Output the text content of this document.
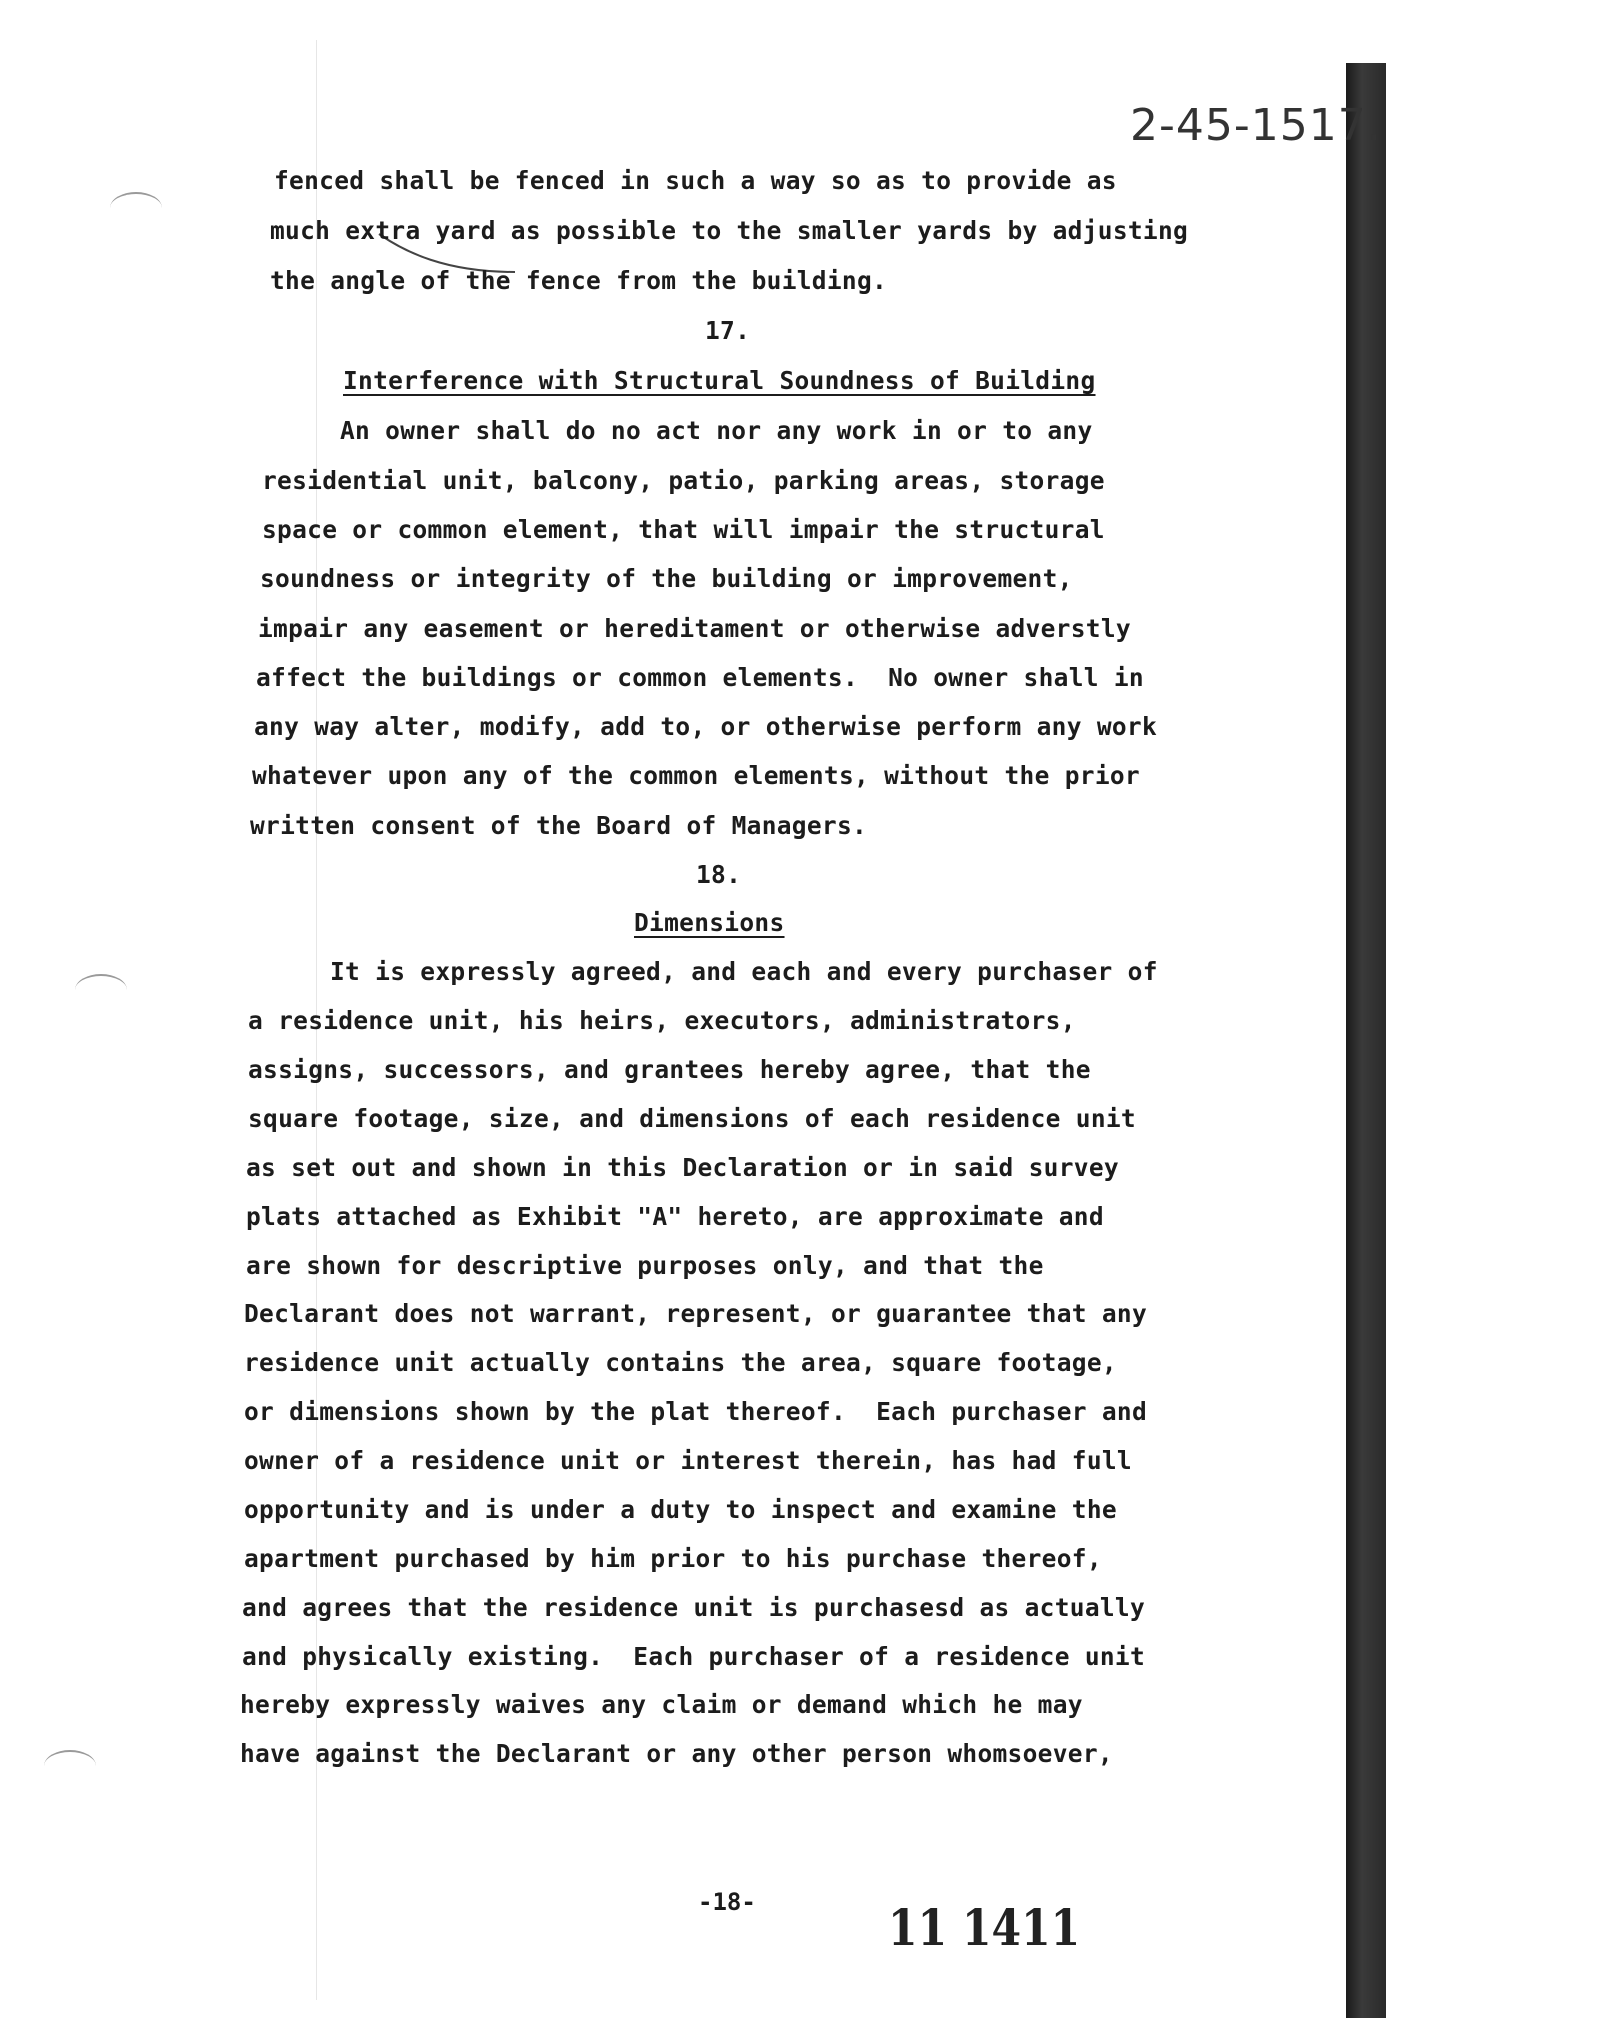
2-45-1517.

fenced shall be fenced in such a way so as to provide as

much extra yard as possible to the smaller yards by adjusting

the angle of the fence from the building.

17.

Interference with Structural Soundness of Building

An owner shall do no act nor any work in or to any

residential unit, balcony, patio, parking areas, storage

space or common element, that will impair the structural

soundness or integrity of the building or improvement,

impair any easement or hereditament or otherwise adverstly

affect the buildings or common elements.  No owner shall in

any way alter, modify, add to, or otherwise perform any work

whatever upon any of the common elements, without the prior

written consent of the Board of Managers.

18.

Dimensions

It is expressly agreed, and each and every purchaser of

a residence unit, his heirs, executors, administrators,

assigns, successors, and grantees hereby agree, that the

square footage, size, and dimensions of each residence unit

as set out and shown in this Declaration or in said survey

plats attached as Exhibit "A" hereto, are approximate and

are shown for descriptive purposes only, and that the

Declarant does not warrant, represent, or guarantee that any

residence unit actually contains the area, square footage,

or dimensions shown by the plat thereof.  Each purchaser and

owner of a residence unit or interest therein, has had full

opportunity and is under a duty to inspect and examine the

apartment purchased by him prior to his purchase thereof,

and agrees that the residence unit is purchasesd as actually

and physically existing.  Each purchaser of a residence unit

hereby expressly waives any claim or demand which he may

have against the Declarant or any other person whomsoever,

-18-	11 1411
